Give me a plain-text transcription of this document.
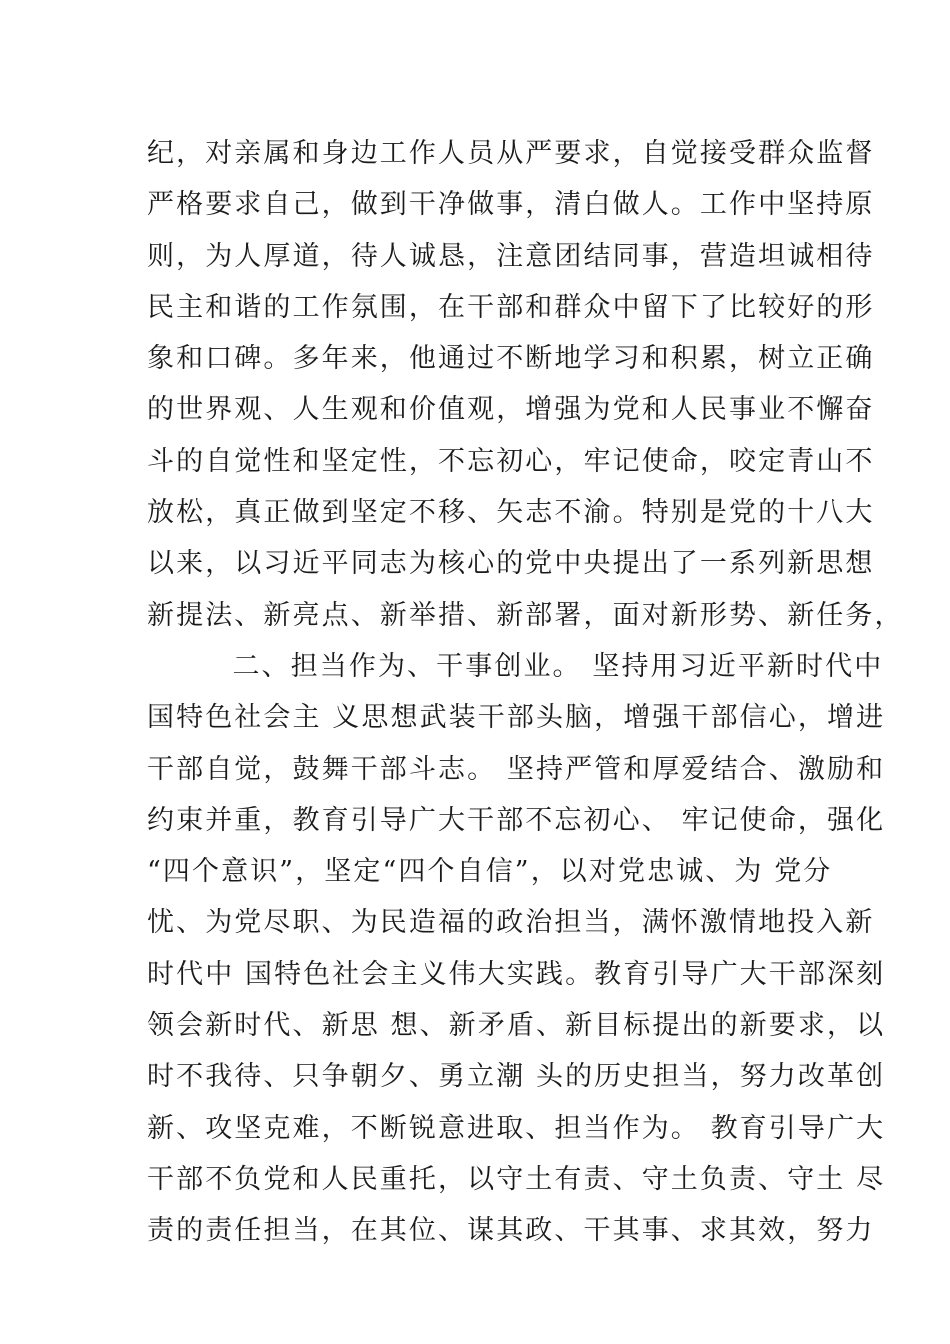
纪，对亲属和身边工作人员从严要求，自觉接受群众监督
严格要求自己，做到干净做事，清白做人。工作中坚持原
则，为人厚道，待人诚恳，注意团结同事，营造坦诚相待
民主和谐的工作氛围，在干部和群众中留下了比较好的形
象和口碑。多年来，他通过不断地学习和积累，树立正确
的世界观、人生观和价值观，增强为党和人民事业不懈奋
斗的自觉性和坚定性，不忘初心，牢记使命，咬定青山不
放松，真正做到坚定不移、矢志不渝。特别是党的十八大
以来，以习近平同志为核心的党中央提出了一系列新思想
新提法、新亮点、新举措、新部署，面对新形势、新任务，
二、担当作为、干事创业。 坚持用习近平新时代中
国特色社会主 义思想武装干部头脑，增强干部信心，增进
干部自觉，鼓舞干部斗志。 坚持严管和厚爱结合、激励和
约束并重，教育引导广大干部不忘初心、 牢记使命，强化
“四个意识”，坚定“四个自信”，以对党忠诚、为 党分
忧、为党尽职、为民造福的政治担当，满怀激情地投入新
时代中 国特色社会主义伟大实践。教育引导广大干部深刻
领会新时代、新思 想、新矛盾、新目标提出的新要求，以
时不我待、只争朝夕、勇立潮 头的历史担当，努力改革创
新、攻坚克难，不断锐意进取、担当作为。 教育引导广大
干部不负党和人民重托，以守土有责、守土负责、守土 尽
责的责任担当，在其位、谋其政、干其事、求其效，努力
